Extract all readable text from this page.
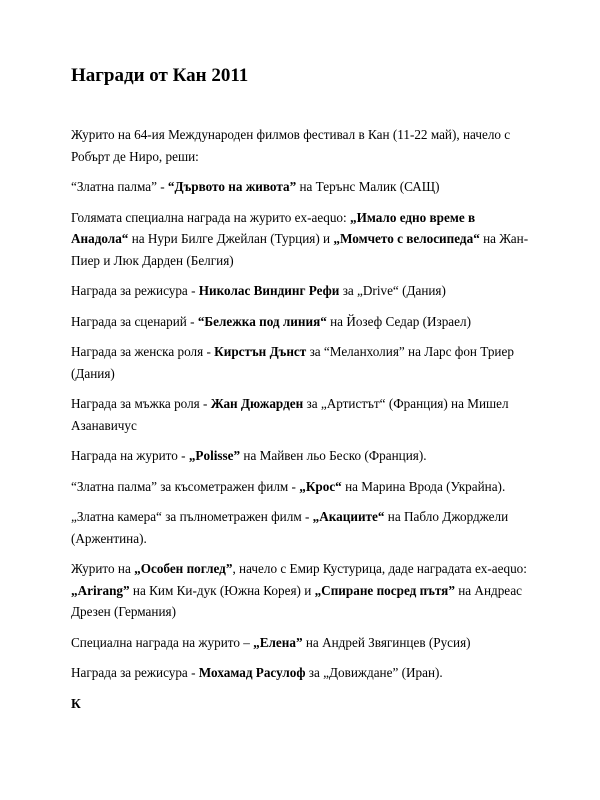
Награди от Кан 2011

Журито на 64-ия Международен филмов фестивал в Кан (11-22 май), начело с Робърт де Ниро, реши:

“Златна палма” - “Дървото на живота” на Терънс Малик (САЩ)

Голямата специална награда на журито ex-aequo: „Имало едно време в Анадола“ на Нури Билге Джейлан (Турция) и „Момчето с велосипеда“ на Жан-Пиер и Люк Дарден (Белгия)

Награда за режисура - Николас Виндинг Рефи за „Drive“ (Дания)

Награда за сценарий - “Бележка под линия“ на Йозеф Седар (Израел)

Награда за женска роля - Кирстън Дънст за “Меланхолия” на Ларс фон Триер (Дания)

Награда за мъжка роля - Жан Дюжарден за „Артистът“ (Франция) на Мишел Азанавичус

Награда на журито - „Polisse” на Майвен льо Беско (Франция).

“Златна палма” за късометражен филм - „Крос“ на Марина Врода (Украйна).

„Златна камера“ за пълнометражен филм - „Акациите“ на Пабло Джорджели (Аржентина).

Журито на „Особен поглед”, начело с Емир Кустурица, даде наградата ex-aequo: „Arirang” на Ким Ки-дук (Южна Корея) и „Спиране посред пътя” на Андреас Дрезен (Германия)

Специална награда на журито – „Елена” на Андрей Звягинцев (Русия)

Награда за режисура - Мохамад Расулоф за „Довиждане” (Иран).

К
